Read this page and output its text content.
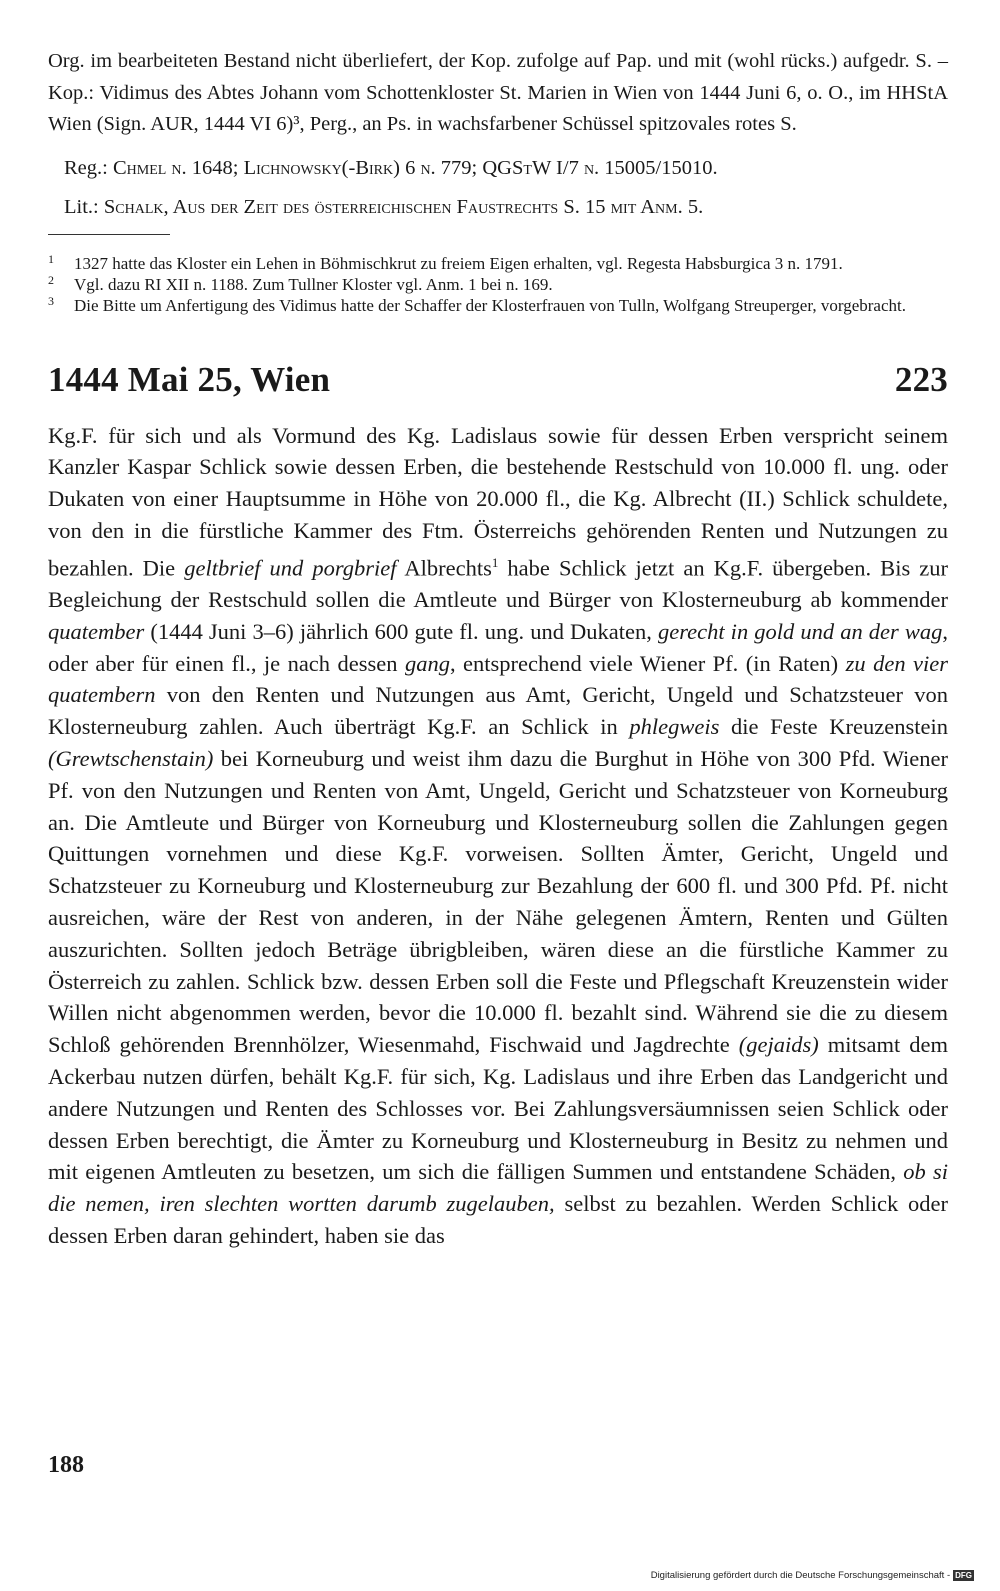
Org. im bearbeiteten Bestand nicht überliefert, der Kop. zufolge auf Pap. und mit (wohl rücks.) aufgedr. S. – Kop.: Vidimus des Abtes Johann vom Schottenkloster St. Marien in Wien von 1444 Juni 6, o. O., im HHStA Wien (Sign. AUR, 1444 VI 6)³, Perg., an Ps. in wachsfarbener Schüssel spitzovales rotes S.

Reg.: Chmel n. 1648; Lichnowsky(-Birk) 6 n. 779; QGStW I/7 n. 15005/15010.
Lit.: Schalk, Aus der Zeit des österreichischen Faustrechts S. 15 mit Anm. 5.
1 1327 hatte das Kloster ein Lehen in Böhmischkrut zu freiem Eigen erhalten, vgl. Regesta Habsburgica 3 n. 1791.
2 Vgl. dazu RI XII n. 1188. Zum Tullner Kloster vgl. Anm. 1 bei n. 169.
3 Die Bitte um Anfertigung des Vidimus hatte der Schaffer der Klosterfrauen von Tulln, Wolfgang Streuperger, vorgebracht.
1444 Mai 25, Wien	223

Kg.F. für sich und als Vormund des Kg. Ladislaus sowie für dessen Erben verspricht seinem Kanzler Kaspar Schlick sowie dessen Erben, die bestehende Restschuld von 10.000 fl. ung. oder Dukaten von einer Hauptsumme in Höhe von 20.000 fl., die Kg. Albrecht (II.) Schlick schuldete, von den in die fürstliche Kammer des Ftm. Österreichs gehörenden Renten und Nutzungen zu bezahlen. Die geltbrief und porgbrief Albrechts$^1$ habe Schlick jetzt an Kg.F. übergeben. Bis zur Begleichung der Restschuld sollen die Amtleute und Bürger von Klosterneuburg ab kommender quatember (1444 Juni 3–6) jährlich 600 gute fl. ung. und Dukaten, gerecht in gold und an der wag, oder aber für einen fl., je nach dessen gang, entsprechend viele Wiener Pf. (in Raten) zu den vier quatembern von den Renten und Nutzungen aus Amt, Gericht, Ungeld und Schatzsteuer von Klosterneuburg zahlen. Auch überträgt Kg.F. an Schlick in phlegweis die Feste Kreuzenstein (Grewtschenstain) bei Korneuburg und weist ihm dazu die Burghut in Höhe von 300 Pfd. Wiener Pf. von den Nutzungen und Renten von Amt, Ungeld, Gericht und Schatzsteuer von Korneuburg an. Die Amtleute und Bürger von Korneuburg und Klosterneuburg sollen die Zahlungen gegen Quittungen vornehmen und diese Kg.F. vorweisen. Sollten Ämter, Gericht, Ungeld und Schatzsteuer zu Korneuburg und Klosterneuburg zur Bezahlung der 600 fl. und 300 Pfd. Pf. nicht ausreichen, wäre der Rest von anderen, in der Nähe gelegenen Ämtern, Renten und Gülten auszurichten. Sollten jedoch Beträge übrigbleiben, wären diese an die fürstliche Kammer zu Österreich zu zahlen. Schlick bzw. dessen Erben soll die Feste und Pflegschaft Kreuzenstein wider Willen nicht abgenommen werden, bevor die 10.000 fl. bezahlt sind. Während sie die zu diesem Schloß gehörenden Brennhölzer, Wiesenmahd, Fischwaid und Jagdrechte (gejaids) mitsamt dem Ackerbau nutzen dürfen, behält Kg.F. für sich, Kg. Ladislaus und ihre Erben das Landgericht und andere Nutzungen und Renten des Schlosses vor. Bei Zahlungsversäumnissen seien Schlick oder dessen Erben berechtigt, die Ämter zu Korneuburg und Klosterneuburg in Besitz zu nehmen und mit eigenen Amtleuten zu besetzen, um sich die fälligen Summen und entstandene Schäden, ob si die nemen, iren slechten wortten darumb zugelauben, selbst zu bezahlen. Werden Schlick oder dessen Erben daran gehindert, haben sie das

188
Digitalisierung gefördert durch die Deutsche Forschungsgemeinschaft - DFG
